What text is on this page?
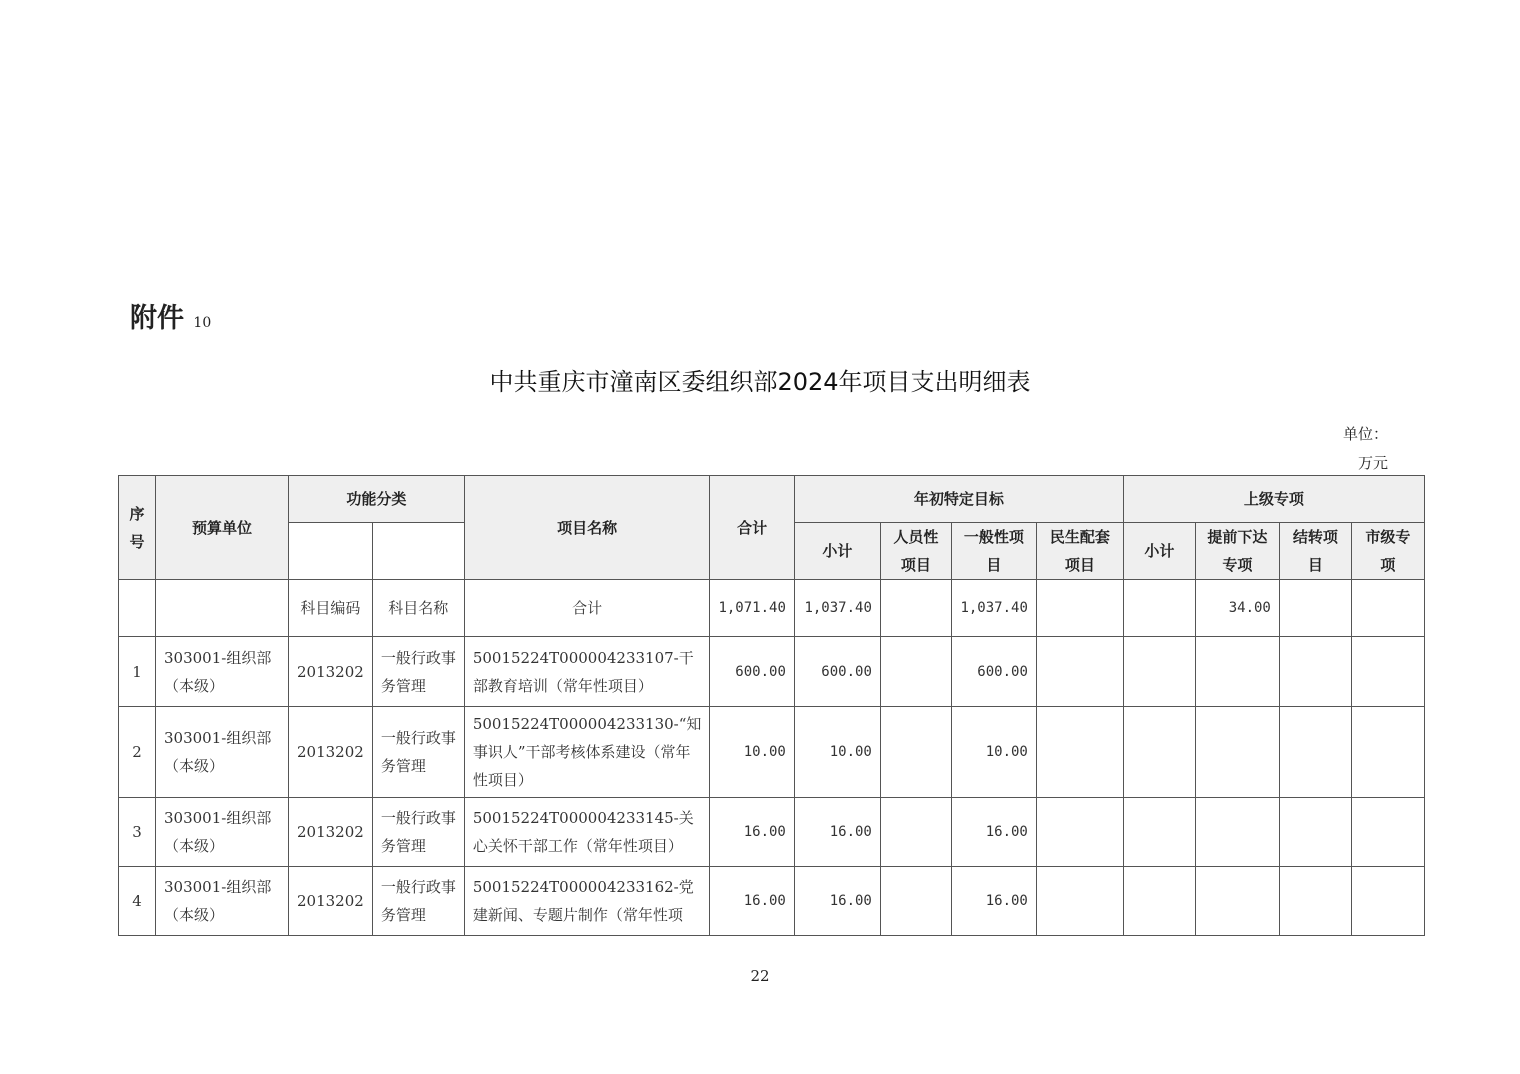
附件 10
中共重庆市潼南区委组织部2024年项目支出明细表
单位：
万元
序号	预算单位	功能分类		项目名称	合计	年初特定目标				上级专项			
						小计	人员性项目	一般性项目	民生配套项目	小计	提前下达专项	结转项目	市级专项
		科目编码	科目名称	合计	1,071.40	1,037.40		1,037.40			34.00		
1	303001-组织部（本级）	2013202	一般行政事务管理	50015224T000004233107-干部教育培训（常年性项目）	600.00	600.00		600.00					
2	303001-组织部（本级）	2013202	一般行政事务管理	50015224T000004233130-“知事识人”干部考核体系建设（常年性项目）	10.00	10.00		10.00					
3	303001-组织部（本级）	2013202	一般行政事务管理	50015224T000004233145-关心关怀干部工作（常年性项目）	16.00	16.00		16.00					
4	303001-组织部（本级）	2013202	一般行政事务管理	50015224T000004233162-党建新闻、专题片制作（常年性项	16.00	16.00		16.00					
22
